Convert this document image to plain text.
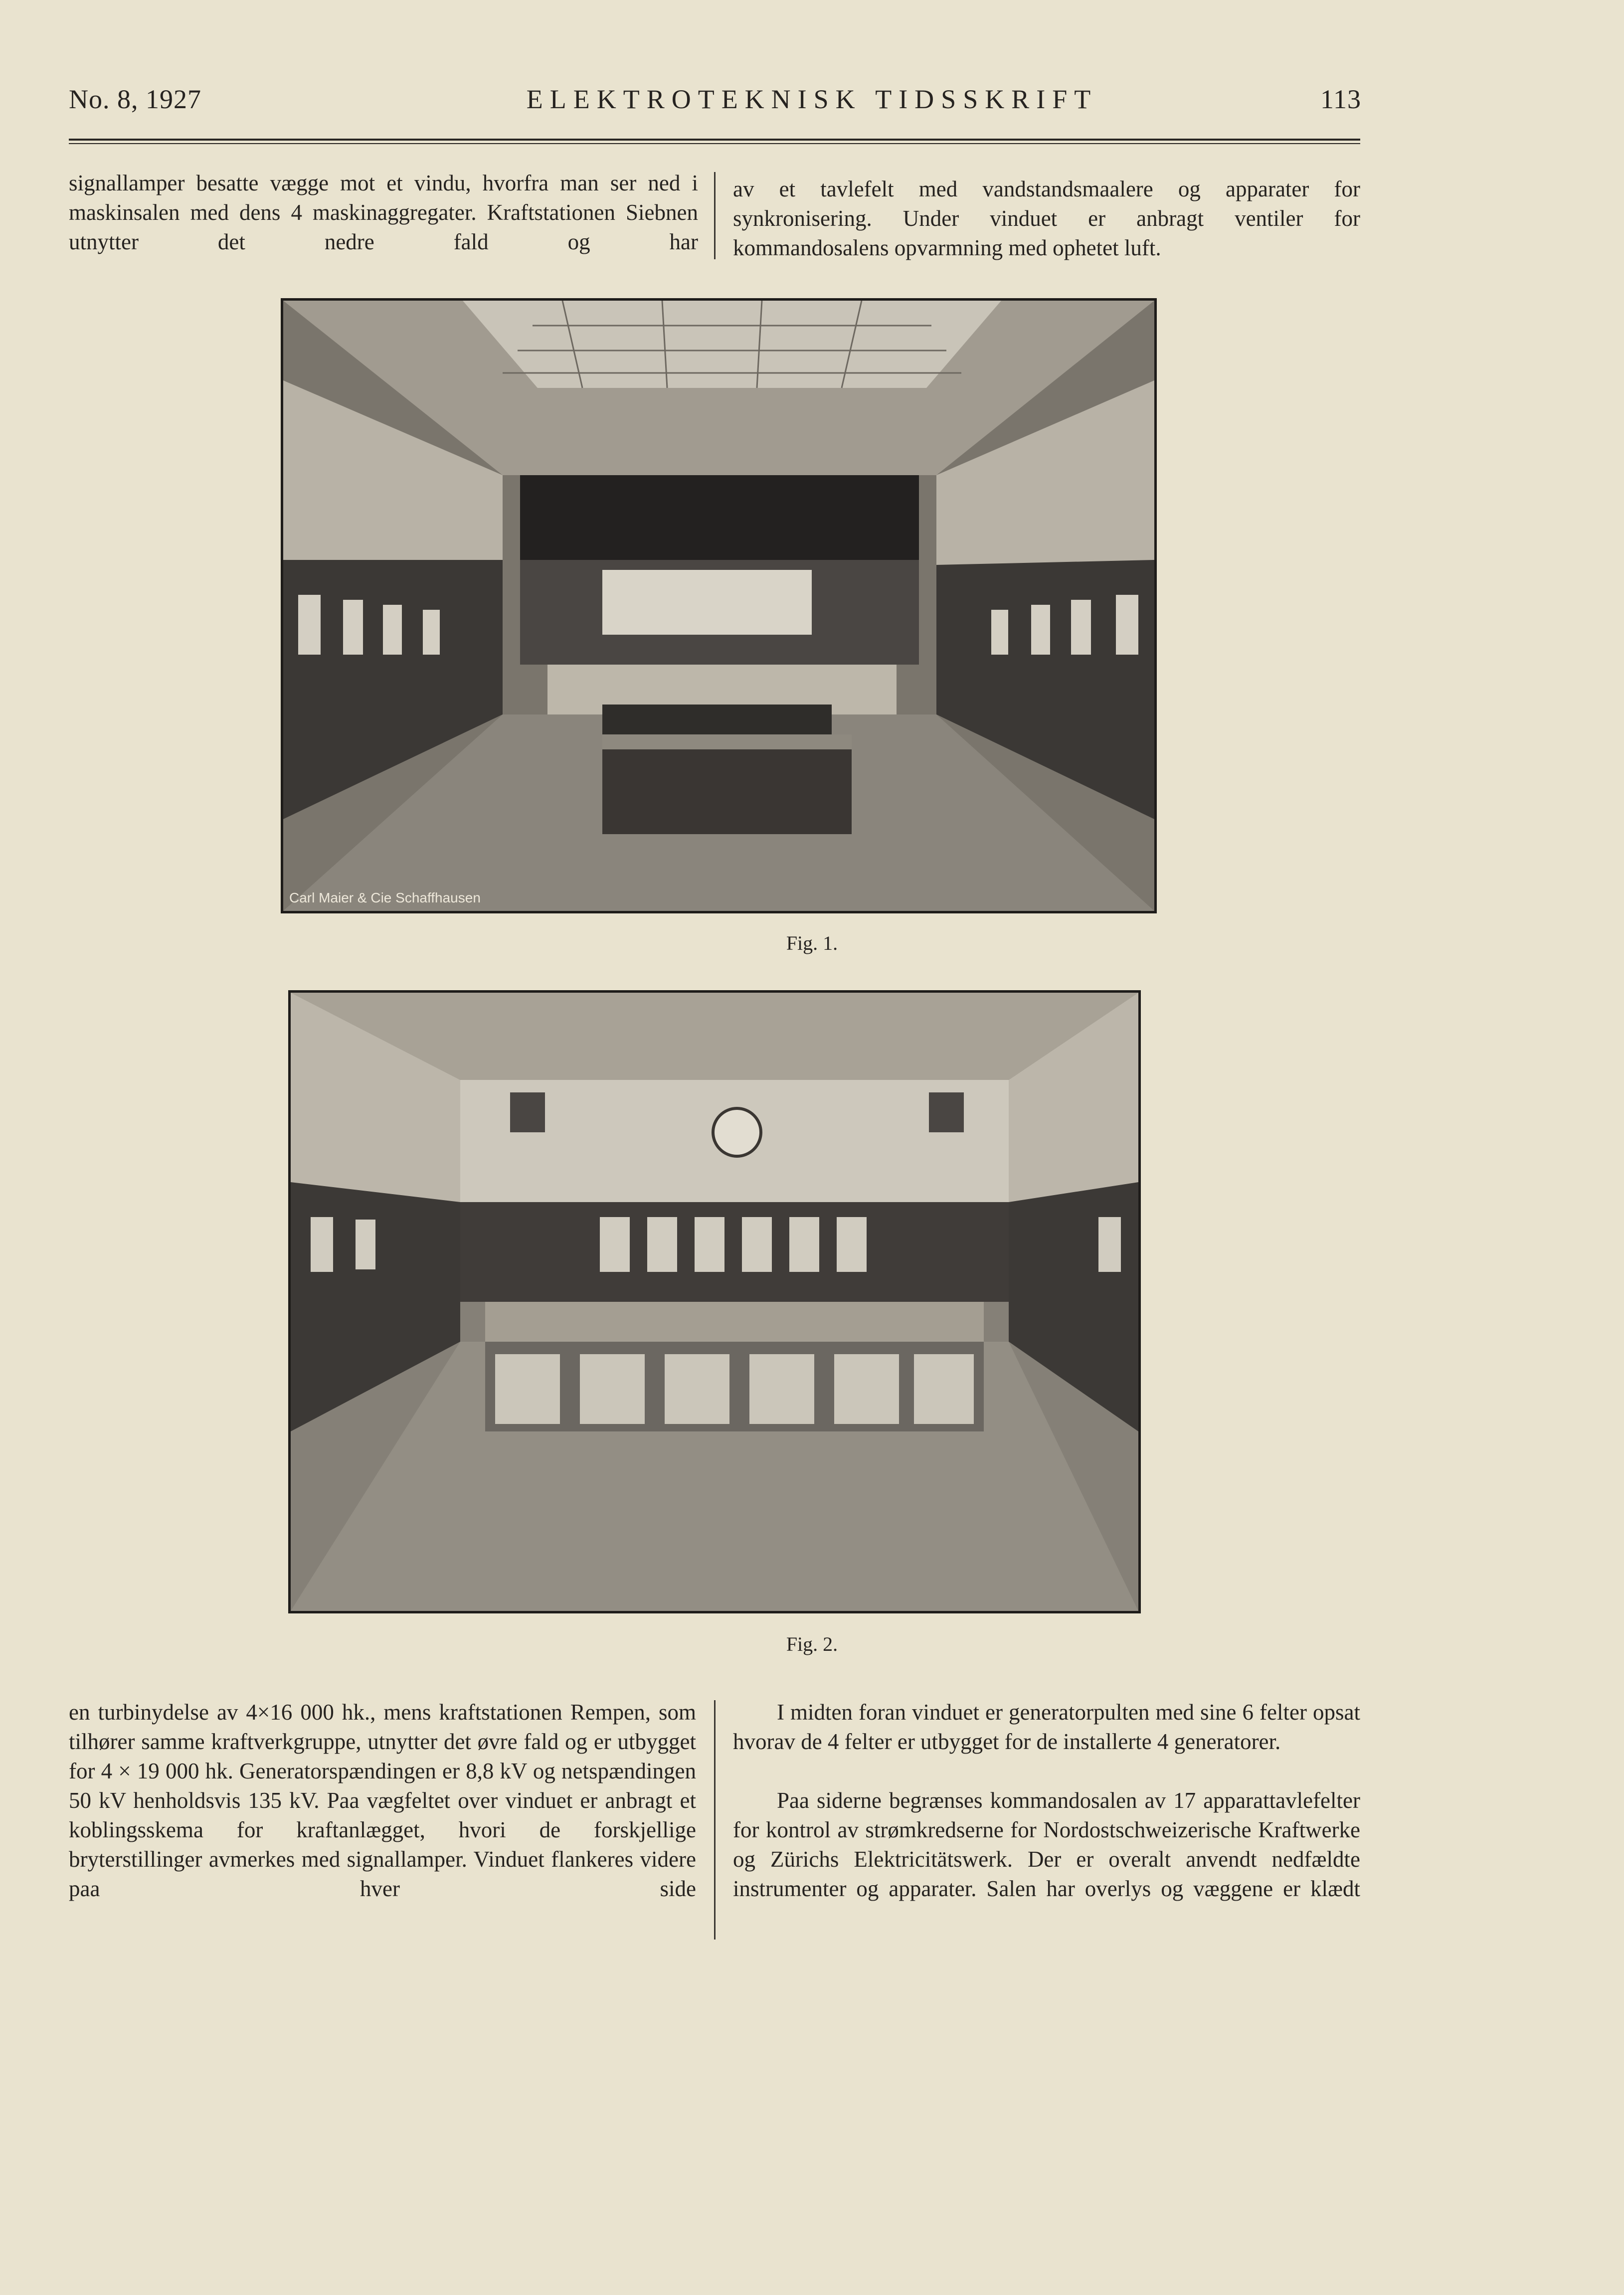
No. 8, 1927	ELEKTROTEKNISK TIDSSKRIFT	113

signallamper besatte vægge mot et vindu, hvorfra man ser ned i maskinsalen med dens 4 maskinaggregater. Kraftstationen Siebnen utnytter det nedre fald og har

av et tavlefelt med vandstandsmaalere og apparater for synkronisering. Under vinduet er anbragt ventiler for kommandosalens opvarmning med ophetet luft.

Carl Maier & Cie Schaffhausen
Fig. 1.
Fig. 2.

en turbinydelse av 4×16 000 hk., mens kraftstationen Rempen, som tilhører samme kraftverkgruppe, utnytter det øvre fald og er utbygget for 4 × 19 000 hk. Generatorspændingen er 8,8 kV og netspændingen 50 kV henholdsvis 135 kV. Paa vægfeltet over vinduet er anbragt et koblingsskema for kraftanlægget, hvori de forskjellige bryterstillinger avmerkes med signallamper. Vinduet flankeres videre paa hver side

I midten foran vinduet er generatorpulten med sine 6 felter opsat hvorav de 4 felter er utbygget for de installerte 4 generatorer.

Paa siderne begrænses kommandosalen av 17 apparattavlefelter for kontrol av strømkredserne for Nordostschweizerische Kraftwerke og Zürichs Elektricitätswerk. Der er overalt anvendt nedfældte instrumenter og apparater. Salen har overlys og væggene er klædt
